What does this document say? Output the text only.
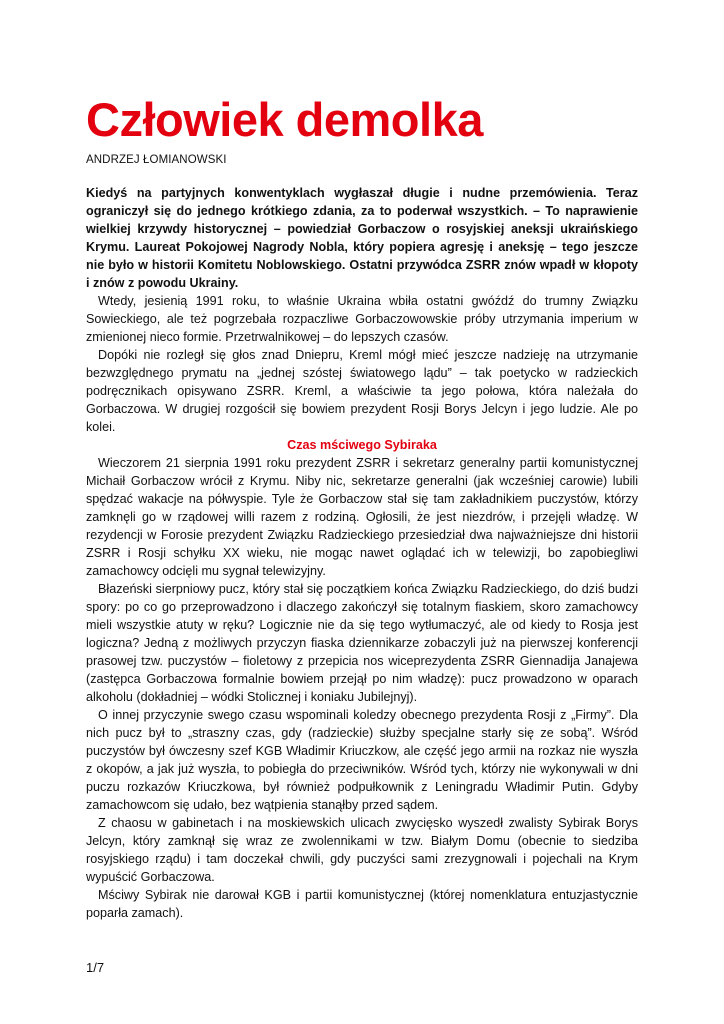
Człowiek demolka
ANDRZEJ ŁOMIANOWSKI

Kiedyś na partyjnych konwentyklach wygłaszał długie i nudne przemówienia. Teraz ograniczył się do jednego krótkiego zdania, za to poderwał wszystkich. – To naprawienie wielkiej krzywdy historycznej – powiedział Gorbaczow o rosyjskiej aneksji ukraińskiego Krymu. Laureat Pokojowej Nagrody Nobla, który popiera agresję i aneksję – tego jeszcze nie było w historii Komitetu Noblowskiego. Ostatni przywódca ZSRR znów wpadł w kłopoty i znów z powodu Ukrainy.

Wtedy, jesienią 1991 roku, to właśnie Ukraina wbiła ostatni gwóźdź do trumny Związku Sowieckiego, ale też pogrzebała rozpaczliwe Gorbaczowowskie próby utrzymania imperium w zmienionej nieco formie. Przetrwalnikowej – do lepszych czasów.

Dopóki nie rozległ się głos znad Dniepru, Kreml mógł mieć jeszcze nadzieję na utrzymanie bezwzględnego prymatu na „jednej szóstej światowego lądu” – tak poetycko w radzieckich podręcznikach opisywano ZSRR. Kreml, a właściwie ta jego połowa, która należała do Gorbaczowa. W drugiej rozgościł się bowiem prezydent Rosji Borys Jelcyn i jego ludzie. Ale po kolei.

Czas mściwego Sybiraka

Wieczorem 21 sierpnia 1991 roku prezydent ZSRR i sekretarz generalny partii komunistycznej Michaił Gorbaczow wrócił z Krymu. Niby nic, sekretarze generalni (jak wcześniej carowie) lubili spędzać wakacje na półwyspie. Tyle że Gorbaczow stał się tam zakładnikiem puczystów, którzy zamknęli go w rządowej willi razem z rodziną. Ogłosili, że jest niezdrów, i przejęli władzę. W rezydencji w Forosie prezydent Związku Radzieckiego przesiedział dwa najważniejsze dni historii ZSRR i Rosji schyłku XX wieku, nie mogąc nawet oglądać ich w telewizji, bo zapobiegliwi zamachowcy odcięli mu sygnał telewizyjny.

Błazeński sierpniowy pucz, który stał się początkiem końca Związku Radzieckiego, do dziś budzi spory: po co go przeprowadzono i dlaczego zakończył się totalnym fiaskiem, skoro zamachowcy mieli wszystkie atuty w ręku? Logicznie nie da się tego wytłumaczyć, ale od kiedy to Rosja jest logiczna? Jedną z możliwych przyczyn fiaska dziennikarze zobaczyli już na pierwszej konferencji prasowej tzw. puczystów – fioletowy z przepicia nos wiceprezydenta ZSRR Giennadija Janajewa (zastępca Gorbaczowa formalnie bowiem przejął po nim władzę): pucz prowadzono w oparach alkoholu (dokładniej – wódki Stolicznej i koniaku Jubilejnyj).

O innej przyczynie swego czasu wspominali koledzy obecnego prezydenta Rosji z „Firmy”. Dla nich pucz był to „straszny czas, gdy (radzieckie) służby specjalne starły się ze sobą”. Wśród puczystów był ówczesny szef KGB Władimir Kriuczkow, ale część jego armii na rozkaz nie wyszła z okopów, a jak już wyszła, to pobiegła do przeciwników. Wśród tych, którzy nie wykonywali w dni puczu rozkazów Kriuczkowa, był również podpułkownik z Leningradu Władimir Putin. Gdyby zamachowcom się udało, bez wątpienia stanąłby przed sądem.

Z chaosu w gabinetach i na moskiewskich ulicach zwycięsko wyszedł zwalisty Sybirak Borys Jelcyn, który zamknął się wraz ze zwolennikami w tzw. Białym Domu (obecnie to siedziba rosyjskiego rządu) i tam doczekał chwili, gdy puczyści sami zrezygnowali i pojechali na Krym wypuścić Gorbaczowa.

Mściwy Sybirak nie darował KGB i partii komunistycznej (której nomenklatura entuzjastycznie poparła zamach).

1/7
